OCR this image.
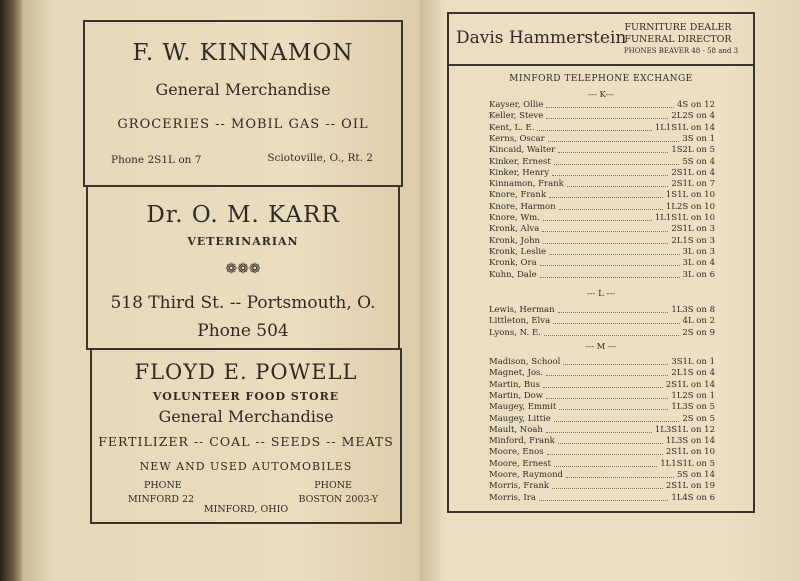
F. W. KINNAMON
General Merchandise
GROCERIES -- MOBIL GAS -- OIL
Phone 2S1L on 7	Sciotoville, O., Rt. 2
Dr. O. M. KARR
VETERINARIAN
❁❁❁
518 Third St. -- Portsmouth, O.
Phone 504
FLOYD E. POWELL
VOLUNTEER FOOD STORE
General Merchandise
FERTILIZER -- COAL -- SEEDS -- MEATS
NEW AND USED AUTOMOBILES
PHONE
MINFORD 22
PHONE
BOSTON 2003-Y
MINFORD, OHIO
Davis Hammerstein
FURNITURE DEALER
FUNERAL DIRECTOR
PHONES BEAVER 48 - 58 and 3
MINFORD TELEPHONE EXCHANGE
--- K---
Kayser, Ollie	4S on 12
Keller, Steve	2L2S on 4
Kent, L. E.	1L1S1L on 14
Kerns, Oscar	3S on 1
Kincaid, Walter	1S2L on 5
Kinker, Ernest	5S on 4
Kinker, Henry	2S1L on 4
Kinnamon, Frank	2S1L on 7
Knore, Frank	1S1L on 10
Knore, Harmon	1L2S on 10
Knore, Wm.	1L1S1L on 10
Kronk, Alva	2S1L on 3
Kronk, John	2L1S on 3
Kronk, Leslie	3L on 3
Kronk, Ora	3L on 4
Kuhn, Dale	3L on 6
--- L ---
Lewis, Herman	1L3S on 8
Littleton, Elva	4L on 2
Lyons, N. E.	2S on 9
--- M ---
Madison, School	3S1L on 1
Magnet, Jos.	2L1S on 4
Martin, Bus	2S1L on 14
Martin, Dow	1L2S on 1
Maugey, Emmit	1L3S on 5
Maugey, Littie	2S on 5
Mault, Noah	1L3S1L on 12
Minford, Frank	1L3S on 14
Moore, Enos	2S1L on 10
Moore, Ernest	1L1S1L on 5
Moore, Raymond	5S on 14
Morris, Frank	2S1L on 19
Morris, Ira	1L4S on 6
